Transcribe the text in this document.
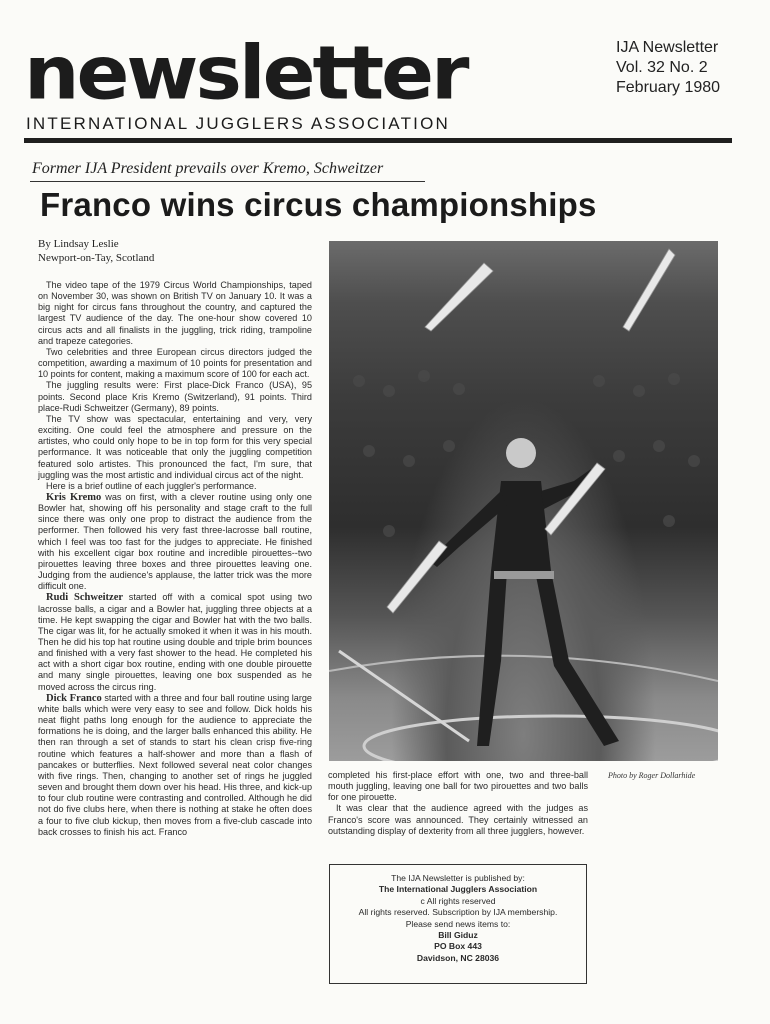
newsletter
INTERNATIONAL JUGGLERS ASSOCIATION
IJA Newsletter
Vol. 32 No. 2
February 1980
Former IJA President prevails over Kremo, Schweitzer
Franco wins circus championships
By Lindsay Leslie
Newport-on-Tay, Scotland

The video tape of the 1979 Circus World Championships, taped on November 30, was shown on British TV on January 10. It was a big night for circus fans throughout the country, and captured the largest TV audience of the day. The one-hour show covered 10 circus acts and all finalists in the juggling, trick riding, trampoline and trapeze categories.

Two celebrities and three European circus directors judged the competition, awarding a maximum of 10 points for presentation and 10 points for content, making a maximum score of 100 for each act.

The juggling results were: First place-Dick Franco (USA), 95 points. Second place Kris Kremo (Switzerland), 91 points. Third place-Rudi Schweitzer (Germany), 89 points.

The TV show was spectacular, entertaining and very, very exciting. One could feel the atmosphere and pressure on the artistes, who could only hope to be in top form for this very special performance. It was noticeable that only the juggling competition featured solo artistes. This pronounced the fact, I'm sure, that juggling was the most artistic and individual circus act of the night.

Here is a brief outline of each juggler's performance.

Kris Kremo was on first, with a clever routine using only one Bowler hat, showing off his personality and stage craft to the full since there was only one prop to distract the audience from the performer. Then followed his very fast three-lacrosse ball routine, which I feel was too fast for the judges to appreciate. He finished with his excellent cigar box routine and incredible pirouettes--two pirouettes leaving three boxes and three pirouettes leaving one. Judging from the audience's applause, the latter trick was the more difficult one.

Rudi Schweitzer started off with a comical spot using two lacrosse balls, a cigar and a Bowler hat, juggling three objects at a time. He kept swapping the cigar and Bowler hat with the two balls. The cigar was lit, for he actually smoked it when it was in his mouth. Then he did his top hat routine using double and triple brim bounces and finished with a very fast shower to the head. He completed his act with a short cigar box routine, ending with one double pirouette and many single pirouettes, leaving one box suspended as he moved across the circus ring.

Dick Franco started with a three and four ball routine using large white balls which were very easy to see and follow. Dick holds his neat flight paths long enough for the audience to appreciate the formations he is doing, and the larger balls enhanced this ability. He then ran through a set of stands to start his clean crisp five-ring routine which features a half-shower and more than a flash of pancakes or butterflies. Next followed several neat color changes with five rings. Then, changing to another set of rings he juggled seven and brought them down over his head. His three, and kick-up to four club routine were contrasting and controlled. Although he did not do five clubs here, when there is nothing at stake he often does a four to five club kickup, then moves from a five-club cascade into back crosses to finish his act. Franco

Photo by Roger Dollarhide

completed his first-place effort with one, two and three-ball mouth juggling, leaving one ball for two pirouettes and two balls for one pirouette.

It was clear that the audience agreed with the judges as Franco's score was announced. They certainly witnessed an outstanding display of dexterity from all three jugglers, however.

The IJA Newsletter is published by:
The International Jugglers Association
c All rights reserved
All rights reserved. Subscription by IJA membership.
Please send news items to:
Bill Giduz
PO Box 443
Davidson, NC 28036
